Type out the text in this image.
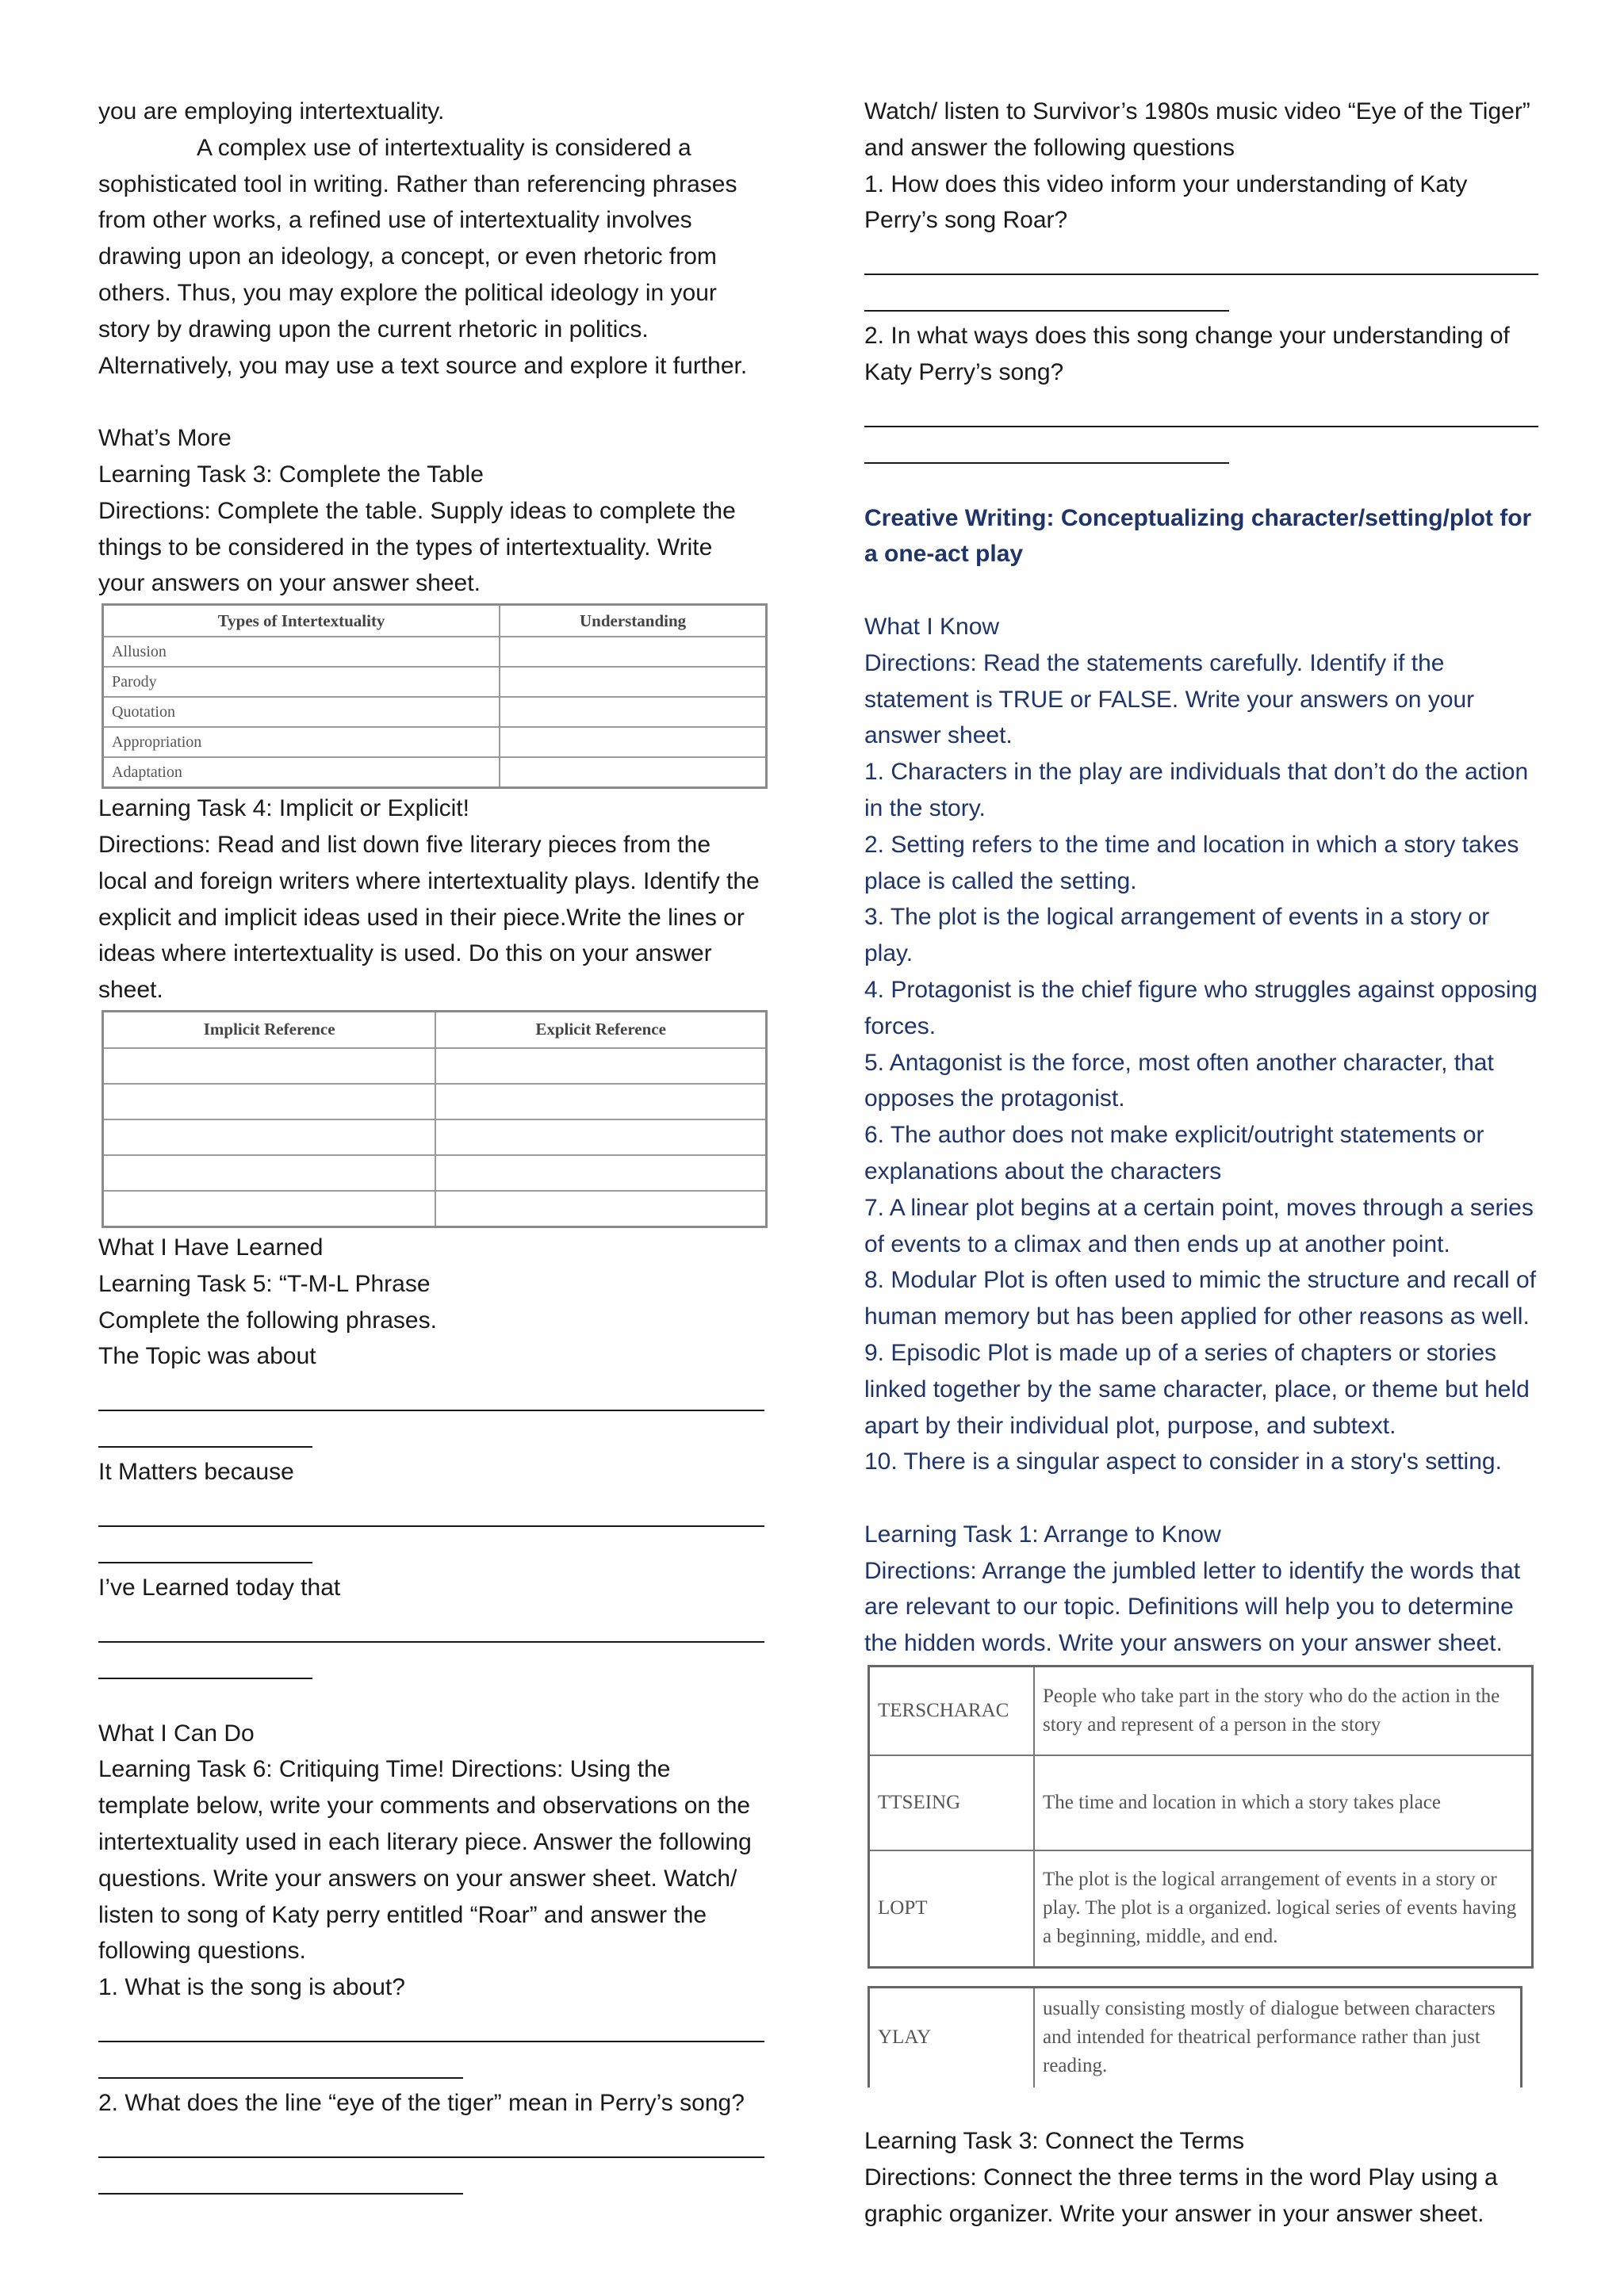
you are employing intertextuality.

A complex use of intertextuality is considered a sophisticated tool in writing. Rather than referencing phrases from other works, a refined use of intertextuality involves drawing upon an ideology, a concept, or even rhetoric from others. Thus, you may explore the political ideology in your story by drawing upon the current rhetoric in politics. Alternatively, you may use a text source and explore it further.

What’s More

Learning Task 3: Complete the Table

Directions: Complete the table. Supply ideas to complete the things to be considered in the types of intertextuality. Write your answers on your answer sheet.

Types of Intertextuality	Understanding
Allusion	
Parody	
Quotation	
Appropriation	
Adaptation	

Learning Task 4: Implicit or Explicit!

Directions: Read and list down five literary pieces from the local and foreign writers where intertextuality plays. Identify the explicit and implicit ideas used in their piece.Write the lines or ideas where intertextuality is used. Do this on your answer sheet.

Implicit Reference	Explicit Reference

What I Have Learned

Learning Task 5: “T-M-L Phrase

Complete the following phrases.

The Topic was about

It Matters because

I’ve Learned today that

What I Can Do

Learning Task 6: Critiquing Time! Directions: Using the template below, write your comments and observations on the intertextuality used in each literary piece. Answer the following questions. Write your answers on your answer sheet. Watch/ listen to song of Katy perry entitled “Roar” and answer the following questions.

1. What is the song is about?

2. What does the line “eye of the tiger” mean in Perry’s song?

Watch/ listen to Survivor’s 1980s music video “Eye of the Tiger” and answer the following questions

1. How does this video inform your understanding of Katy Perry’s song Roar?

2. In what ways does this song change your understanding of Katy Perry’s song?

Creative Writing: Conceptualizing character/setting/plot for a one-act play

What I Know

Directions: Read the statements carefully. Identify if the statement is TRUE or FALSE. Write your answers on your answer sheet.

1. Characters in the play are individuals that don’t do the action in the story.

2. Setting refers to the time and location in which a story takes place is called the setting.

3. The plot is the logical arrangement of events in a story or play.

4. Protagonist is the chief figure who struggles against opposing forces.

5. Antagonist is the force, most often another character, that opposes the protagonist.

6. The author does not make explicit/outright statements or explanations about the characters

7. A linear plot begins at a certain point, moves through a series of events to a climax and then ends up at another point.

8. Modular Plot is often used to mimic the structure and recall of human memory but has been applied for other reasons as well.

9. Episodic Plot is made up of a series of chapters or stories linked together by the same character, place, or theme but held apart by their individual plot, purpose, and subtext.

10. There is a singular aspect to consider in a story's setting.

Learning Task 1: Arrange to Know

Directions: Arrange the jumbled letter to identify the words that are relevant to our topic. Definitions will help you to determine the hidden words. Write your answers on your answer sheet.

TERSCHARAC	People who take part in the story who do the action in the story and represent of a person in the story
TTSEING	The time and location in which a story takes place
LOPT	The plot is the logical arrangement of events in a story or play. The plot is a organized. logical series of events having a beginning, middle, and end.
YLAY	usually consisting mostly of dialogue between characters and intended for theatrical performance rather than just reading.

Learning Task 3: Connect the Terms

Directions: Connect the three terms in the word Play using a graphic organizer. Write your answer in your answer sheet.
